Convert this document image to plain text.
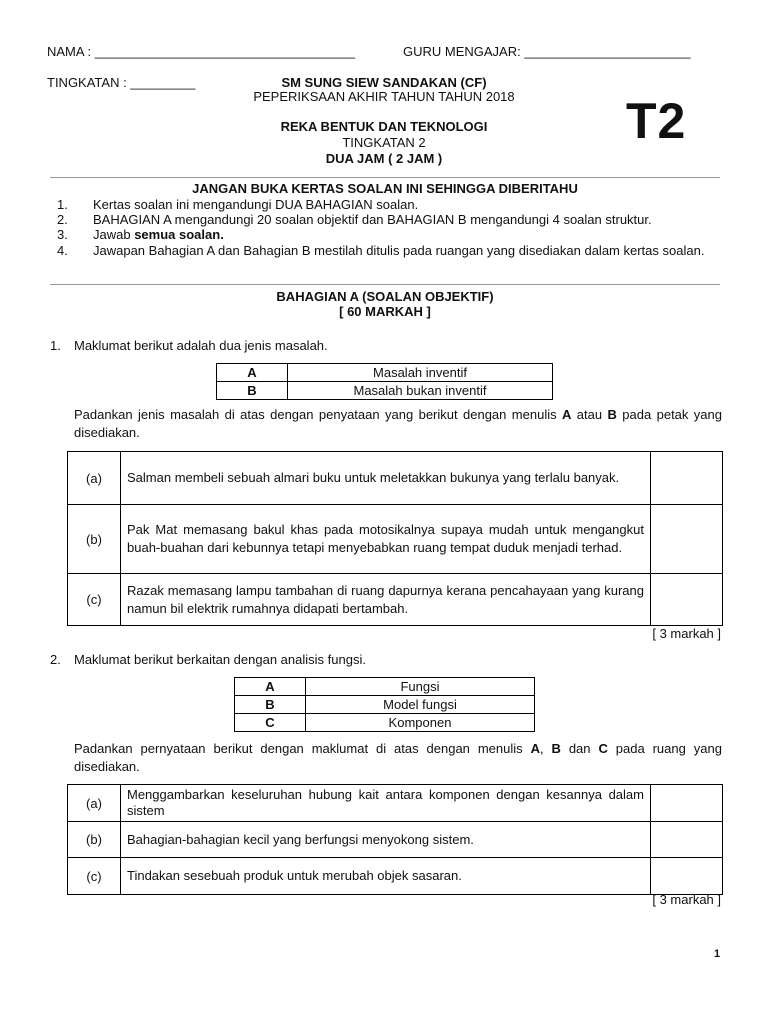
NAMA : ____________________________________	GURU MENGAJAR: _______________________
TINGKATAN : _________	SM SUNG SIEW SANDAKAN (CF)
PEPERIKSAAN AKHIR TAHUN TAHUN 2018
REKA BENTUK DAN TEKNOLOGI
TINGKATAN 2
DUA JAM ( 2 JAM )
T2
JANGAN BUKA KERTAS SOALAN INI SEHINGGA DIBERITAHU
1.	Kertas soalan ini mengandungi DUA BAHAGIAN soalan.
2.	BAHAGIAN A mengandungi 20 soalan objektif dan BAHAGIAN B mengandungi 4 soalan struktur.
3.	Jawab semua soalan.
4.	Jawapan Bahagian A dan Bahagian B mestilah ditulis pada ruangan yang disediakan dalam kertas soalan.
BAHAGIAN A (SOALAN OBJEKTIF)
[ 60 MARKAH ]
1.	Maklumat berikut adalah dua jenis masalah.
A	Masalah inventif
B	Masalah bukan inventif
Padankan jenis masalah di atas dengan penyataan yang berikut dengan menulis A atau B pada petak yang disediakan.
(a)	Salman membeli sebuah almari buku untuk meletakkan bukunya yang terlalu banyak.	
(b)	Pak Mat memasang bakul khas pada motosikalnya supaya mudah untuk mengangkut buah-buahan dari kebunnya tetapi menyebabkan ruang tempat duduk menjadi terhad.	
(c)	Razak memasang lampu tambahan di ruang dapurnya kerana pencahayaan yang kurang namun bil elektrik rumahnya didapati bertambah.	
[ 3 markah ]
2.	Maklumat berikut berkaitan dengan analisis fungsi.
A	Fungsi
B	Model fungsi
C	Komponen
Padankan pernyataan berikut dengan maklumat di atas dengan menulis A, B dan C pada ruang yang disediakan.
(a)	Menggambarkan keseluruhan hubung kait antara komponen dengan kesannya dalam sistem	
(b)	Bahagian-bahagian kecil yang berfungsi menyokong sistem.	
(c)	Tindakan sesebuah produk untuk merubah objek sasaran.	
[ 3 markah ]
1
